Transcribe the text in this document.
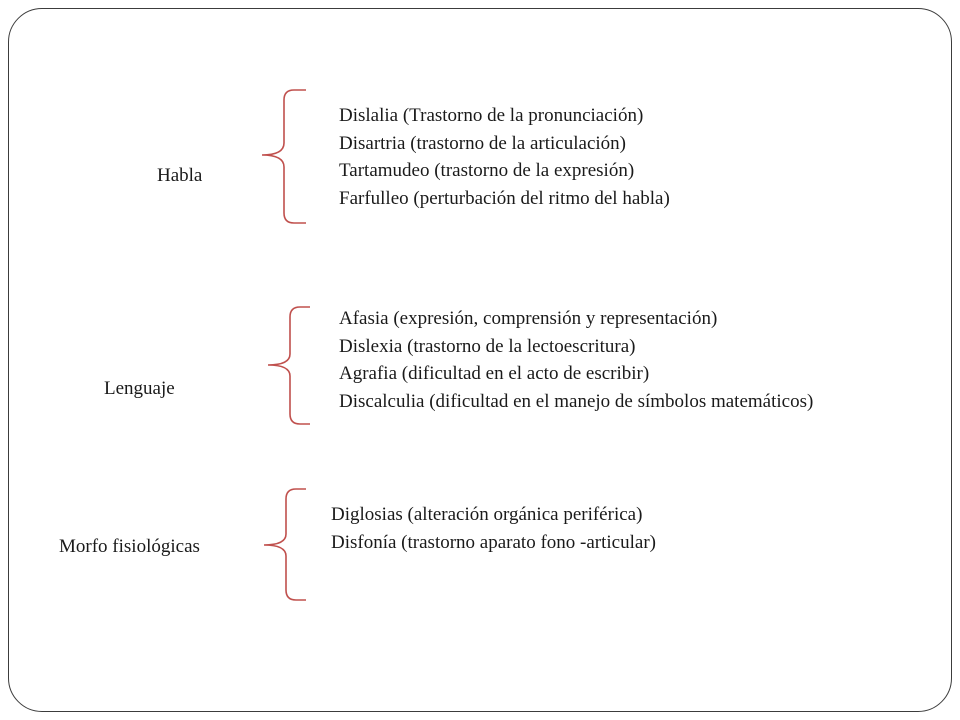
Habla
Dislalia (Trastorno de la pronunciación)
Disartria (trastorno de la articulación)
Tartamudeo (trastorno de la expresión)
Farfulleo (perturbación del ritmo del habla)
Lenguaje
Afasia (expresión, comprensión y representación)
Dislexia (trastorno de la lectoescritura)
Agrafia (dificultad en el acto de escribir)
Discalculia (dificultad en el manejo de símbolos matemáticos)
Morfo fisiológicas
Diglosias (alteración orgánica periférica)
Disfonía (trastorno aparato fono -articular)
